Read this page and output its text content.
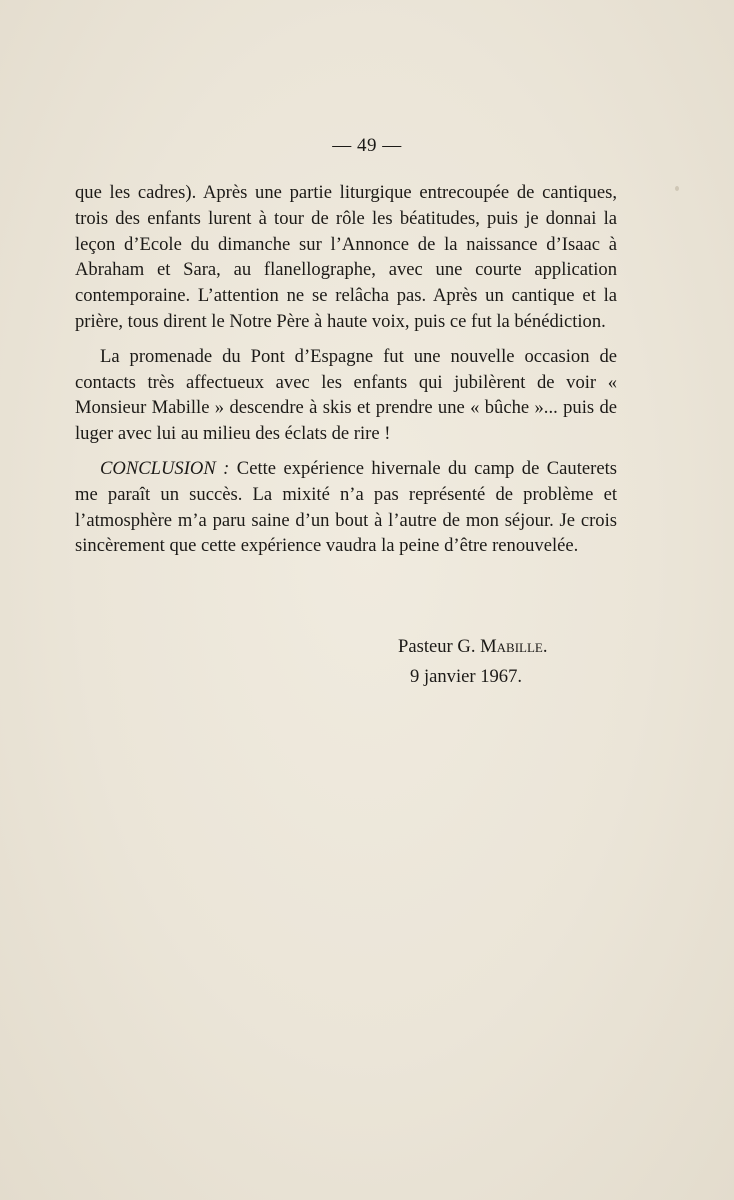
— 49 —

que les cadres). Après une partie liturgique entrecoupée de cantiques, trois des enfants lurent à tour de rôle les béatitudes, puis je donnai la leçon d’Ecole du dimanche sur l’Annonce de la naissance d’Isaac à Abraham et Sara, au flanellographe, avec une courte application contemporaine. L’attention ne se relâcha pas. Après un cantique et la prière, tous dirent le Notre Père à haute voix, puis ce fut la bénédiction.

La promenade du Pont d’Espagne fut une nouvelle occasion de contacts très affectueux avec les enfants qui jubilèrent de voir « Monsieur Mabille » descendre à skis et prendre une « bûche »... puis de luger avec lui au milieu des éclats de rire !

CONCLUSION : Cette expérience hivernale du camp de Cauterets me paraît un succès. La mixité n’a pas représenté de problème et l’atmosphère m’a paru saine d’un bout à l’autre de mon séjour. Je crois sincèrement que cette expérience vaudra la peine d’être renouvelée.

Pasteur G. Mabille.
9 janvier 1967.
